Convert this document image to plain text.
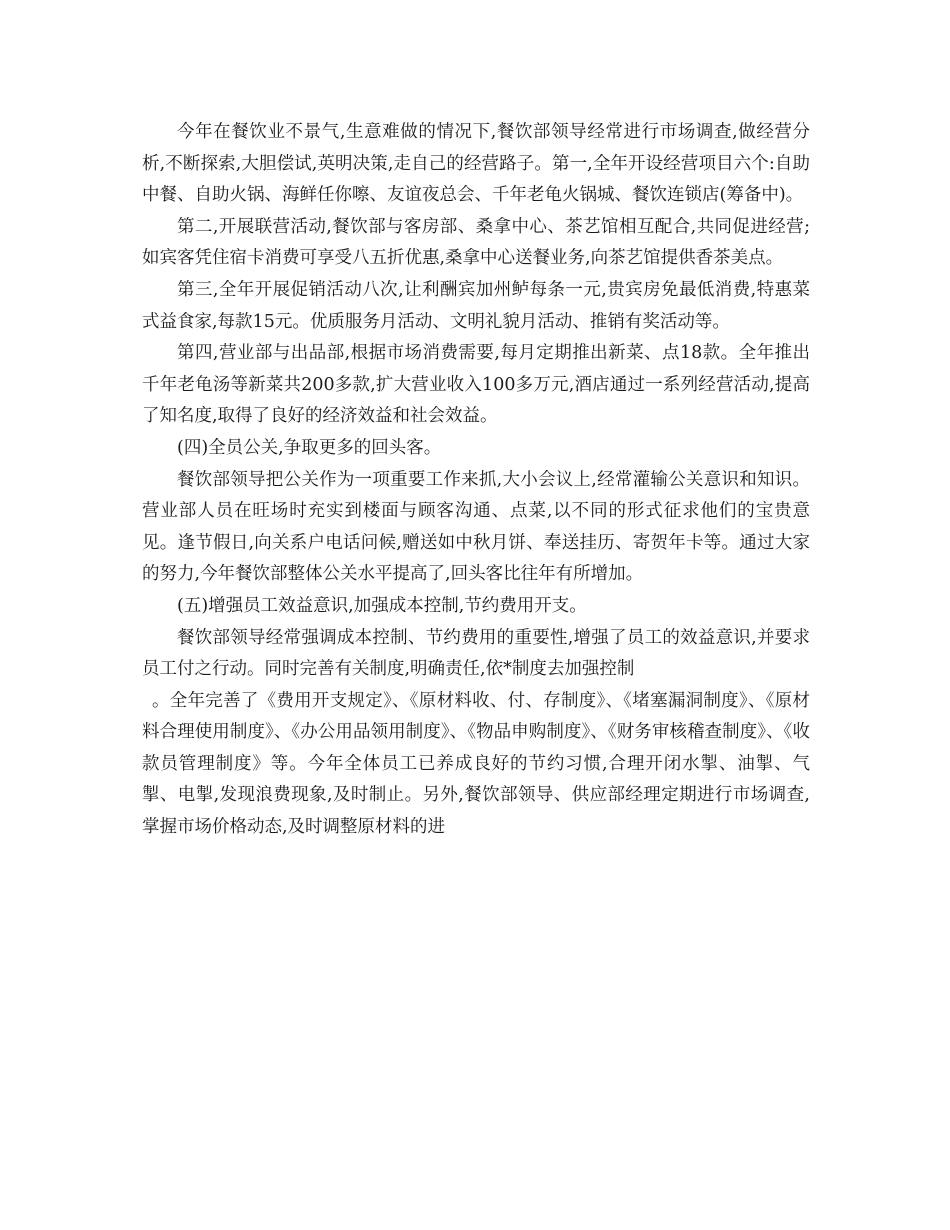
今年在餐饮业不景气,生意难做的情况下,餐饮部领导经常进行市场调查,做经营分析,不断探索,大胆偿试,英明决策,走自己的经营路子。第一,全年开设经营项目六个:自助中餐、自助火锅、海鲜任你嚓、友谊夜总会、千年老龟火锅城、餐饮连锁店(筹备中)。

第二,开展联营活动,餐饮部与客房部、桑拿中心、茶艺馆相互配合,共同促进经营;如宾客凭住宿卡消费可享受八五折优惠,桑拿中心送餐业务,向茶艺馆提供香茶美点。

第三,全年开展促销活动八次,让利酬宾加州鲈每条一元,贵宾房免最低消费,特惠菜式益食家,每款15元。优质服务月活动、文明礼貌月活动、推销有奖活动等。

第四,营业部与出品部,根据市场消费需要,每月定期推出新菜、点18款。全年推出千年老龟汤等新菜共200多款,扩大营业收入100多万元,酒店通过一系列经营活动,提高了知名度,取得了良好的经济效益和社会效益。

(四)全员公关,争取更多的回头客。

餐饮部领导把公关作为一项重要工作来抓,大小会议上,经常灌输公关意识和知识。营业部人员在旺场时充实到楼面与顾客沟通、点菜,以不同的形式征求他们的宝贵意见。逢节假日,向关系户电话问候,赠送如中秋月饼、奉送挂历、寄贺年卡等。通过大家的努力,今年餐饮部整体公关水平提高了,回头客比往年有所增加。

(五)增强员工效益意识,加强成本控制,节约费用开支。

餐饮部领导经常强调成本控制、节约费用的重要性,增强了员工的效益意识,并要求员工付之行动。同时完善有关制度,明确责任,依*制度去加强控制

。全年完善了《费用开支规定》、《原材料收、付、存制度》、《堵塞漏洞制度》、《原材料合理使用制度》、《办公用品领用制度》、《物品申购制度》、《财务审核稽查制度》、《收款员管理制度》等。今年全体员工已养成良好的节约习惯,合理开闭水掣、油掣、气掣、电掣,发现浪费现象,及时制止。另外,餐饮部领导、供应部经理定期进行市场调查,掌握市场价格动态,及时调整原材料的进
